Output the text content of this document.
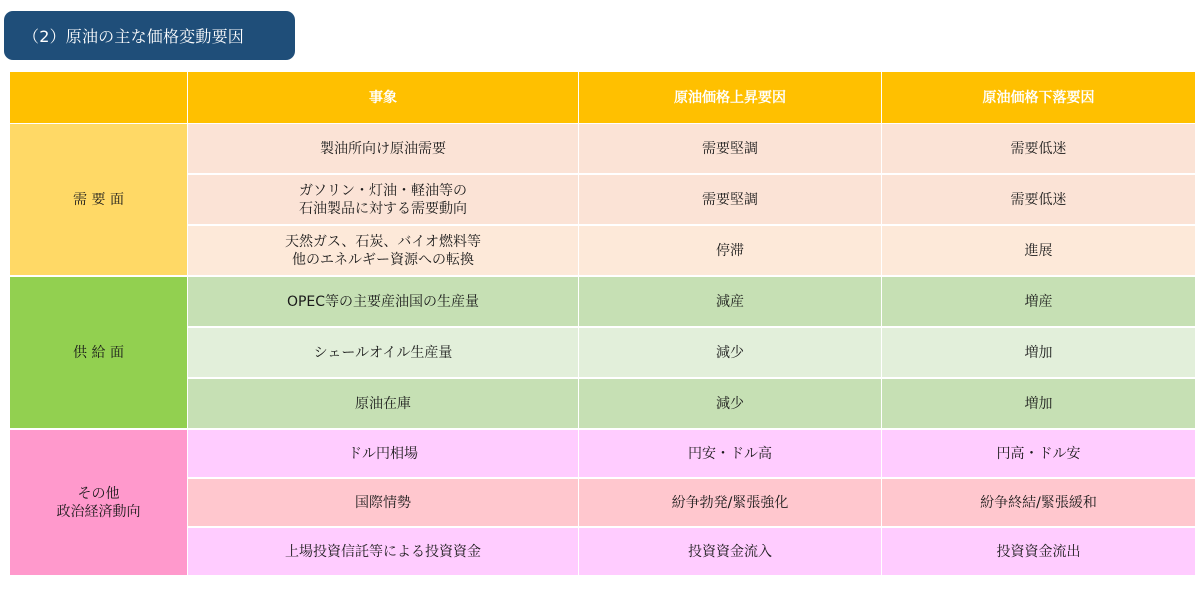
（2）原油の主な価格変動要因
	事象	原油価格上昇要因	原油価格下落要因

需 要 面	製油所向け原油需要	需要堅調	需要低迷
	ガソリン・灯油・軽油等の
石油製品に対する需要動向	需要堅調	需要低迷
	天然ガス、石炭、バイオ燃料等
他のエネルギー資源への転換	停滞	進展
供 給 面	OPEC等の主要産油国の生産量	減産	増産
	シェールオイル生産量	減少	増加
	原油在庫	減少	増加
その他
政治経済動向	ドル円相場	円安・ドル高	円高・ドル安
	国際情勢	紛争勃発/緊張強化	紛争終結/緊張緩和
	上場投資信託等による投資資金	投資資金流入	投資資金流出
